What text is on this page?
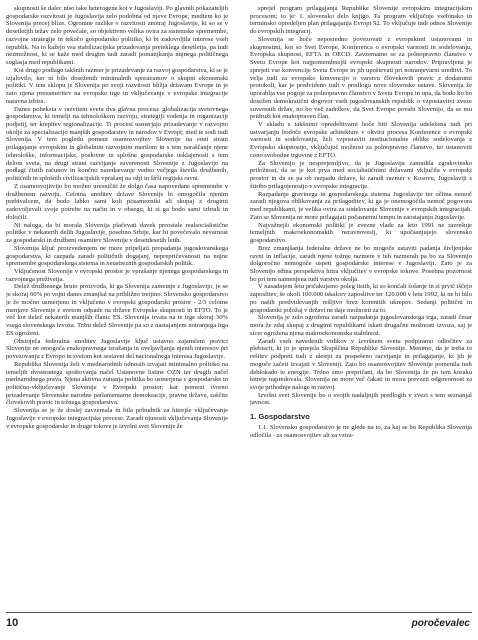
skupnosti še dalec niso take heterogene kot v Jugoslaviji. Po glavnih pokazateljih gospodarske razvitosti je Jugoslavija zelo podobna od njeve Evrope, medtem ko je Slovenija precej blize. Ogromne razlike v razvitosti znotraj Jugoslavije, ki so se v desetletjih težav zelo povečale, so objektivno velika ovira za sistemske spremembe, razvojne strategije in tekočo gospodarsko politiko, ki bi zadovoljila interese vseh republik. Na to kažejo vsa stabilizacijska prizadevanja preteklega desetletja, pa tudi nezmožnost, ki se kaže med drugim tudi zaradi pomanjkanja nujnega političnega soglasja med republikami.

Kot drugo podlago takšnih razmer je prizadevanje za razvoj gospodarstva, ki se je izjalovilo, ker ni bilo doseženih minimalnih sporazumov o skupni ekonomski politiki. V tem sklopu je Slovenija po svoji razvitosti bližja državam Evrope in je zato njena preusmeritev na evropske trge in vključevanje v evropske integracije naravna izbira.

Danes pobeksta v razvitem svetu dva glavna procesa: globalizacija svetovnega gospodarstva, ki temelji na tehnološkem razvoju, strategiji vodenja in organizaciji podjetij, ter krepitev regionalizacije. Ti procesi usmerjajo prizadevanje v razvojno okolje za specializacijo manjših gospodarstev in narodov v Evropi; med te sodi tudi Slovenija. V tem pogledu pomeni osamosvojitev Slovenije na enni strani prilagajanje evropskim in globalnim razvojnim merilom in s tem naraščanje njene tehnološke, informacijske, poslovne in splošne gospodarske usklajenosti s tem delom sveta, na drugi strani razvijanje suverenosti Slovenije z Jugoslavijo na podlagi čistih računov in končno naredsevanje vedno večjega števila družbenih, političnih in splošnih civilizacijskih vprašanj na ožji in širši regijski ravni.

Z osamosvojitvijo bo možno uresničiti že dolgo časa napovedane spremembe v družbenem razvoju. Celotna ureditev države Slovenije bi omogočila njenim prebivalcem, da bodo lahko sami koli posamezniki ali skupaj z drugimi zadovoljevali svoje potrebe na način in v obsegu, ki si ga bodo sami izbrali in določili.

Ni naloga, da bi morala Slovenija plačevati davek preostale realsocialistične politike v nekaterih delih Jugoslavije, posebno Srbije, kar bi povečevalo nevarnost za gospodarski in družbeni osamitev Slovenije v desetdesetih letih.

Slovenija ključ proizvedenjem ne more pripeljati propadanja jugoslovanskega gospodarstva, ki razpada zaradi političnih dogajanj, neprepričevanosti na nujne spremembe gospodarskega sistema in neustreznih gospodarskih politik.

Vključenost Slovenije v evropski prostor je vprašanje njenega gospodarskega in razvojnega preživetja.

Delež družbenega bruto proizvoda, ki ga Slovenija zameinje z Jugoslavijo, je se je skoraj 60% po vojni danes zmanjšal na približno tretjino. Slovensko gospodarstvo je že močno usmerjeno in vključeno v evropski gospodarski prostor - 2/3 celotne menjave Slovenije z svetom odpade na države Evropske skupnosti in EFTO. To je več kot delež nekaterih manjših članic ES. Slovenija trvata na te trge skoraj 30% vsega slovenskega izvoza. Tržni delež Slovenije pa so z nastajanjem notranjega trga ES ogroženi.

Obstoječa federalna ureditev Jugoslavije ključ ustavno zajamčeni pravici Slovenije ne omogoča enakopravnega izražanja in uveljavljanja njenih interesov pri povezovanju z Evropo in svetom kot sestavni del nacionalnega interesa Jugoslavije.

Republika Slovenija želi v mednarodnih odnosih izvajati minimalno politiko na temeljih dvostranega spoštovanja načel Ustanovne listine OZN ter drugih načel mednarodnega prava. Njena aktivna zunanja politika bo usmerjena v gospodarske in politično-vključevanje Slovenije v Evropski prostor, kar pomeni tvorno prizadevanje Slovenske narodne parlamentarne demokracije, pravne države, zaščite človekovih pravic in tržnega gospodarstva.

Slovenija se je že doslej zavzemala in bila pobudnik za hitrejše vključevanje Jugoslavije v evropske integracijske procese. Zaradi njunosti vključevanja Slovenije v evropske gospodarske in druge tokove je izvršni svet Slovenije že

sprejel program prilagajanja Republike Slovenije evropskim integracijskim procesom; to je: 1. slovensko delo knjigo. Ta program vključuje vsebinsko in terminsko opredeljen plan prilagajanja Evropi 92. To vključuje tudi odnos Slovenije do evropskih integracij.

Slovenija se hoče neposredno povezovati z evropskimi ustanovami in skupnostmi, kot so Svet Evrope, Konferenca o evropski varnosti in sodelovanju, Evropska skupnost, EFTA in OECD. Zavzemamo se za polnopravno članstvo v Svetu Evrope kot najpomembnejši evropski skupnosti narodov. Pripravljena je sprejeti vse konvencije Sveta Evrope in jih upoštevati pri notranjevarni ureditvi. To velja tudi za evropsko konvencijo o varstvu človekovih pravic z dodatnimi protokoli, kar je predvideno tudi v predlogu nove slovenske ustave. Slovenija že uporablja vse pogoje za polnopravno članstvo v Svetu Evrope in upa, da bodo ko bo dosežen demokratični dogovor vseh jugoslovanskih republik o vzpostavitvi zveze suverenih držav, no bo več zadržkov, da Svet Evrope povabi Slovenijo, da se mu pridruži kot enakopraven član.

V skladu s takšnimi opredelitvami hoče biti Slovenija udeležena tudi pri ustvarjanju bodoče evropske arhitekture v okviru procesa Konference o evropski varnosti in sodelovanju, želi vzpostaviti institucionalne oblike sodelovanja z Evropsko skupnostjo, vključujoč možnost za polnopravno članstvo, ter ustanoviti cono svobodne trgovine z EFTO.

Za Slovenijo je nesprejemljivo, da je Jugoslavija zamudila zgodovinsko priložnost, da se je kot prva med socialističnimi državami vključila v evropski prostor in da se pa ob razpadu države, ki zaradi razmer v Kosovu, Jugoslaviji s štiribo prilagojenostjo v evropske integracije.

Razpadanje gravinega in gospodarskega sistema Jugoslavije ter očitna nemoč zaradi njegova oblikovanja za prilagoditev, ki ga je onemogočila nemoč pogovora med republikami, je velika ovira za sodelovanje Slovenije v evropskih integracijah. Zato se Slovenija ne more prilagajati počasnemu tempu in zaostajanju Jugoslavije.

Najvažnejši ekonomski politiki je zvezne vlade za leto 1991 ne razrešuje temeljnih makroekonomskih neravnovesij, ki upočasnjujejo slovensko gospodarstvo.

Brez zmanjšanja federalne države ne bo mogoče ustaviti padanja življenjske ravni in inflacije, zaradi njene tožnje razmere v teh razmerah pa bo za Slovenijo dolgoročno nemogoče uspeti gospodarske interese v Jugoslaviji. Zato je za Slovenijo edina perspektiva hitra vključitev v evropske tokove. Posebna pozornost bo pri tem namenjena tudi varstvu okolja.

V nasadnjem letu pričakujemo poleg tistih, ki so končali šolanje in si prvič iščejo zaposlitev, še okoli 100.000 iskalcev zaposlitve ter 120.000 v letu 1992, ki ne bi bilo po naših predvidevanjih rešljivo brez korenitih ukrepov. Sedanji politični in gospodarski položaj v državi ne daje možnosti za to.

Slovenija je zelo ogrožena zaradi razpadanja jugoslovanskega trga, zaradi česar mora že zdaj skupaj z drugimi republikami iskati drugačne možnosti izvoza, saj je sicer ogrožena njena makroekonomska stabilnost.

Zaradi vseh navedenih vidikov v izvršnem svetu podpiramo odločitev za plebiscit, ki jo je sprejela Skupščina Republike Slovenije. Menimo, da je treba to rešitev podpreti tudi z ukrepi za pospešeno razvijanje in prilagajanje, ki jih je mogoče začeti izvajati v Sloveniji. Zato bo osamosvojitev Slovenije pomenila tudi deblokado te energije. Trdno smo prepričani, da bo Slovenija že po tem koraku hitreje napredovala. Slovenija ne more več čakati in mora prevzeti odgovornost za svoje prihodnje naloge in razvoj.

Izvršni svet Slovenije bo o svojih nadaljnjih predlogih v zvezi s tem seznanjal javnost.

1. Gospodarstvo

1.1. Slovensko gospodarstvo je ne glede na to, za kaj se bo Republika Slovenija odločila - za osamosvojitev ali za vztra-

10	poročevalec
